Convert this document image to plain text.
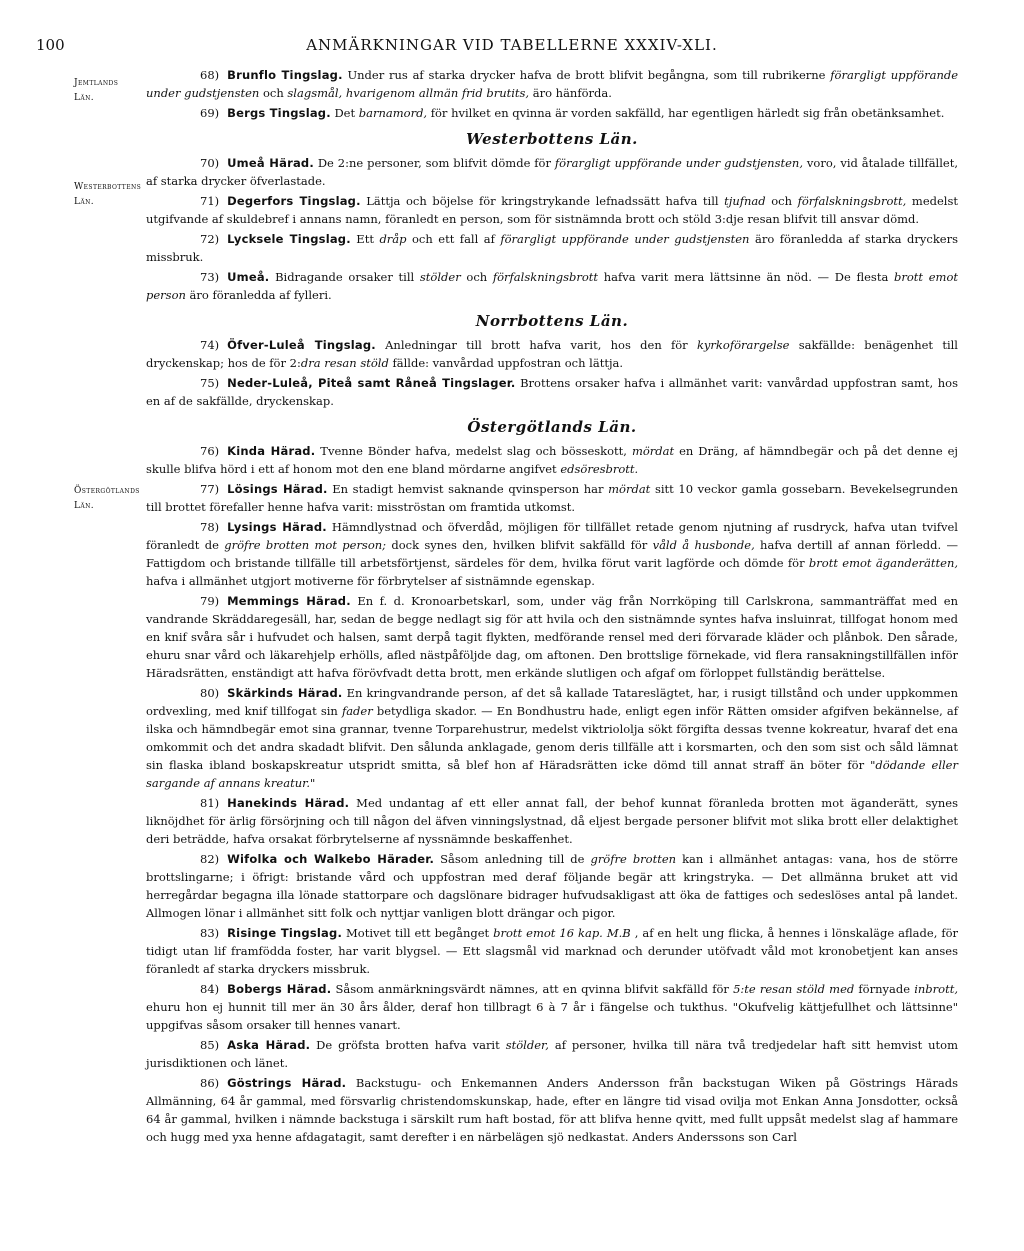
100	ANMÄRKNINGAR VID TABELLERNE XXXIV-XLI.
Jemtlands Län.
Westerbottens Län.
Östergötlands Län.
68) Brunflo Tingslag. Under rus af starka drycker hafva de brott blifvit begångna, som till rubrikerne förargligt uppförande under gudstjensten och slagsmål, hvarigenom allmän frid brutits, äro hänförda.
69) Bergs Tingslag. Det barnamord, för hvilket en qvinna är vorden sakfälld, har egentligen härledt sig från obetänksamhet.
Westerbottens Län.
70) Umeå Härad. De 2:ne personer, som blifvit dömde för förargligt uppförande under gudstjensten, voro, vid åtalade tillfället, af starka drycker öfverlastade.
71) Degerfors Tingslag. Lättja och böjelse för kringstrykande lefnadssätt hafva till tjufnad och förfalskningsbrott, medelst utgifvande af skuldebref i annans namn, föranledt en person, som för sistnämnda brott och stöld 3:dje resan blifvit till ansvar dömd.
72) Lycksele Tingslag. Ett dråp och ett fall af förargligt uppförande under gudstjensten äro föranledda af starka dryckers missbruk.
73) Umeå. Bidragande orsaker till stölder och förfalskningsbrott hafva varit mera lättsinne än nöd. — De flesta brott emot person äro föranledda af fylleri.
Norrbottens Län.
74) Öfver-Luleå Tingslag. Anledningar till brott hafva varit, hos den för kyrkoförargelse sakfällde: benägenhet till dryckenskap; hos de för 2:dra resan stöld fällde: vanvårdad uppfostran och lättja.
75) Neder-Luleå, Piteå samt Råneå Tingslager. Brottens orsaker hafva i allmänhet varit: vanvårdad uppfostran samt, hos en af de sakfällde, dryckenskap.
Östergötlands Län.
76) Kinda Härad. Tvenne Bönder hafva, medelst slag och bösseskott, mördat en Dräng, af hämndbegär och på det denne ej skulle blifva hörd i ett af honom mot den ene bland mördarne angifvet edsöresbrott.
77) Lösings Härad. En stadigt hemvist saknande qvinsperson har mördat sitt 10 veckor gamla gossebarn. Bevekelsegrunden till brottet förefaller henne hafva varit: misströstan om framtida utkomst.
78) Lysings Härad. Hämndlystnad och öfverdåd, möjligen för tillfället retade genom njutning af rusdryck, hafva utan tvifvel föranledt de gröfre brotten mot person; dock synes den, hvilken blifvit sakfälld för våld å husbonde, hafva dertill af annan förledd. — Fattigdom och bristande tillfälle till arbetsförtjenst, särdeles för dem, hvilka förut varit lagförde och dömde för brott emot äganderätten, hafva i allmänhet utgjort motiverne för förbrytelser af sistnämnde egenskap.
79) Memmings Härad. En f. d. Kronoarbetskarl, som, under väg från Norrköping till Carlskrona, sammanträffat med en vandrande Skräddaregesäll, har, sedan de begge nedlagt sig för att hvila och den sistnämnde syntes hafva insluinrat, tillfogat honom med en knif svåra sår i hufvudet och halsen, samt derpå tagit flykten, medförande rensel med deri förvarade kläder och plånbok. Den sårade, ehuru snar vård och läkarehjelp erhölls, afled nästpåföljde dag, om aftonen. Den brottslige förnekade, vid flera ransakningstillfällen inför Häradsrätten, enständigt att hafva förövfvadt detta brott, men erkände slutligen och afgaf om förloppet fullständig berättelse.
80) Skärkinds Härad. En kringvandrande person, af det så kallade Tatareslägtet, har, i rusigt tillstånd och under uppkommen ordvexling, med knif tillfogat sin fader betydliga skador. — En Bondhustru hade, enligt egen inför Rätten omsider afgifven bekännelse, af ilska och hämndbegär emot sina grannar, tvenne Torparehustrur, medelst viktriololja sökt förgifta dessas tvenne kokreatur, hvaraf det ena omkommit och det andra skadadt blifvit. Den sålunda anklagade, genom deris tillfälle att i korsmarten, och den som sist och såld lämnat sin flaska ibland boskapskreatur utspridt smitta, så blef hon af Häradsrätten icke dömd till annat straff än böter för "dödande eller sargande af annans kreatur."
81) Hanekinds Härad. Med undantag af ett eller annat fall, der behof kunnat föranleda brotten mot äganderätt, synes liknöjdhet för ärlig försörjning och till någon del äfven vinningslystnad, då eljest bergade personer blifvit mot slika brott eller delaktighet deri beträdde, hafva orsakat förbrytelserne af nyssnämnde beskaffenhet.
82) Wifolka och Walkebo Härader. Såsom anledning till de gröfre brotten kan i allmänhet antagas: vana, hos de större brottslingarne; i öfrigt: bristande vård och uppfostran med deraf följande begär att kringstryka. — Det allmänna bruket att vid herregårdar begagna illa lönade stattorpare och dagslönare bidrager hufvudsakligast att öka de fattiges och sedeslöses antal på landet. Allmogen lönar i allmänhet sitt folk och nyttjar vanligen blott drängar och pigor.
83) Risinge Tingslag. Motivet till ett begånget brott emot 16 kap. M.B , af en helt ung flicka, å hennes i lönskaläge aflade, för tidigt utan lif framfödda foster, har varit blygsel. — Ett slagsmål vid marknad och derunder utöfvadt våld mot kronobetjent kan anses föranledt af starka dryckers missbruk.
84) Bobergs Härad. Såsom anmärkningsvärdt nämnes, att en qvinna blifvit sakfälld för 5:te resan stöld med förnyade inbrott, ehuru hon ej hunnit till mer än 30 års ålder, deraf hon tillbragt 6 à 7 år i fängelse och tukthus. "Okufvelig kättjefullhet och lättsinne" uppgifvas såsom orsaker till hennes vanart.
85) Aska Härad. De gröfsta brotten hafva varit stölder, af personer, hvilka till nära två tredjedelar haft sitt hemvist utom jurisdiktionen och länet.
86) Göstrings Härad. Backstugu- och Enkemannen Anders Andersson från backstugan Wiken på Göstrings Härads Allmänning, 64 år gammal, med försvarlig christendomskunskap, hade, efter en längre tid visad ovilja mot Enkan Anna Jonsdotter, också 64 år gammal, hvilken i nämnde backstuga i särskilt rum haft bostad, för att blifva henne qvitt, med fullt uppsåt medelst slag af hammare och hugg med yxa henne afdagatagit, samt derefter i en närbelägen sjö nedkastat. Anders Anderssons son Carl
